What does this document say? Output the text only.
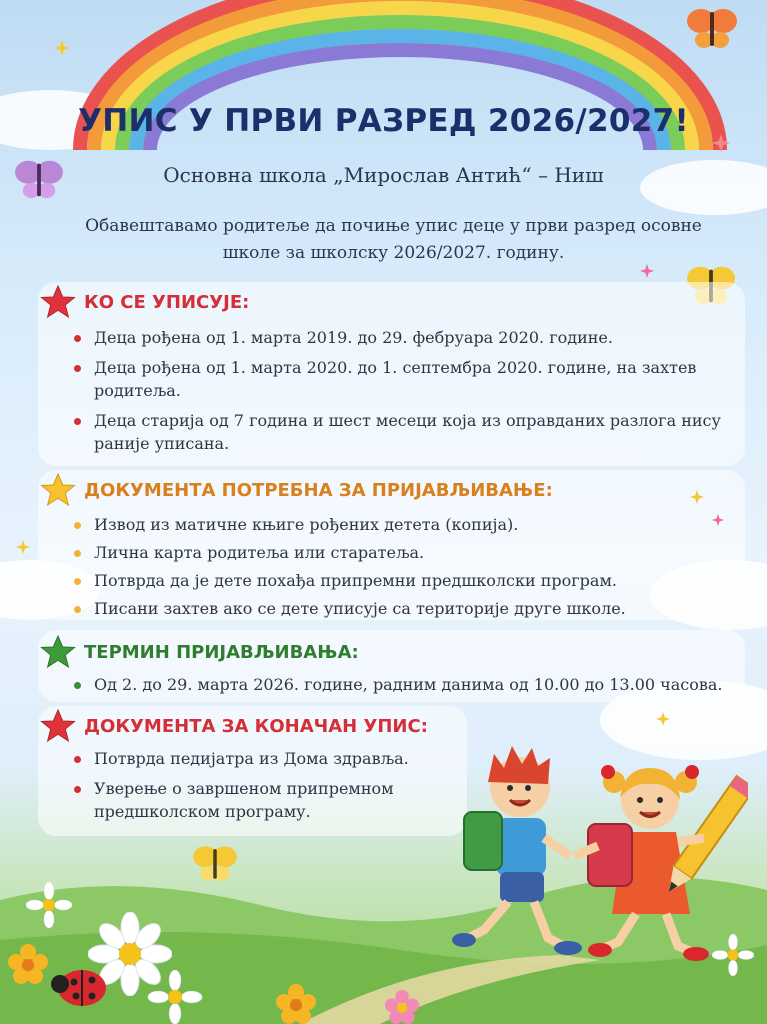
УПИС У ПРВИ РАЗРЕД 2026/2027!
Основна школа „Мирослав Антић“ – Ниш
Обавештавамо родитеље да почиње упис деце у први разред осовне школе за школску 2026/2027. годину.
КО СЕ УПИСУЈЕ:
Деца рођена од 1. марта 2019. до 29. фебруара 2020. године.
Деца рођена од 1. марта 2020. до 1. септембра 2020. године, на захтев родитеља.
Деца старија од 7 година и шест месеци која из оправданих разлога нису раније уписана.
ДОКУМЕНТА ПОТРЕБНА ЗА ПРИЈАВЉИВАЊЕ:
Извод из матичне књиге рођених детета (копија).
Лична карта родитеља или старатеља.
Потврда да је дете похађа припремни предшколски програм.
Писани захтев ако се дете уписује са територије друге школе.
ТЕРМИН ПРИЈАВЉИВАЊА:
Од 2. до 29. марта 2026. године, радним данима од 10.00 до 13.00 часова.
ДОКУМЕНТА ЗА КОНАЧАН УПИС:
Потврда педијатра из Дома здравља.
Уверење о завршеном припремном предшколском програму.
